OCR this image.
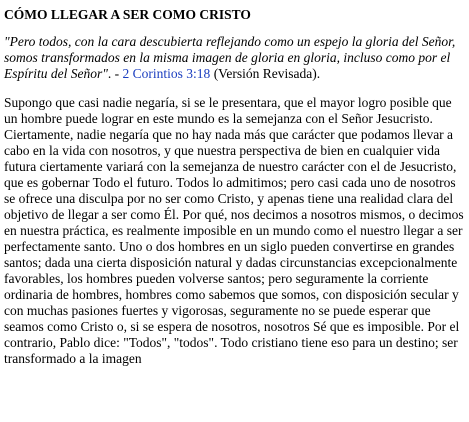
CÓMO LLEGAR A SER COMO CRISTO
"Pero todos, con la cara descubierta reflejando como un espejo la gloria del Señor, somos transformados en la misma imagen de gloria en gloria, incluso como por el Espíritu del Señor". - 2 Corintios 3:18 (Versión Revisada).

Supongo que casi nadie negaría, si se le presentara, que el mayor logro posible que un hombre puede lograr en este mundo es la semejanza con el Señor Jesucristo. Ciertamente, nadie negaría que no hay nada más que carácter que podamos llevar a cabo en la vida con nosotros, y que nuestra perspectiva de bien en cualquier vida futura ciertamente variará con la semejanza de nuestro carácter con el de Jesucristo, que es gobernar Todo el futuro. Todos lo admitimos; pero casi cada uno de nosotros se ofrece una disculpa por no ser como Cristo, y apenas tiene una realidad clara del objetivo de llegar a ser como Él. Por qué, nos decimos a nosotros mismos, o decimos en nuestra práctica, es realmente imposible en un mundo como el nuestro llegar a ser perfectamente santo. Uno o dos hombres en un siglo pueden convertirse en grandes santos; dada una cierta disposición natural y dadas circunstancias excepcionalmente favorables, los hombres pueden volverse santos; pero seguramente la corriente ordinaria de hombres, hombres como sabemos que somos, con disposición secular y con muchas pasiones fuertes y vigorosas, seguramente no se puede esperar que seamos como Cristo o, si se espera de nosotros, nosotros Sé que es imposible. Por el contrario, Pablo dice: "Todos", "todos". Todo cristiano tiene eso para un destino; ser transformado a la imagen
